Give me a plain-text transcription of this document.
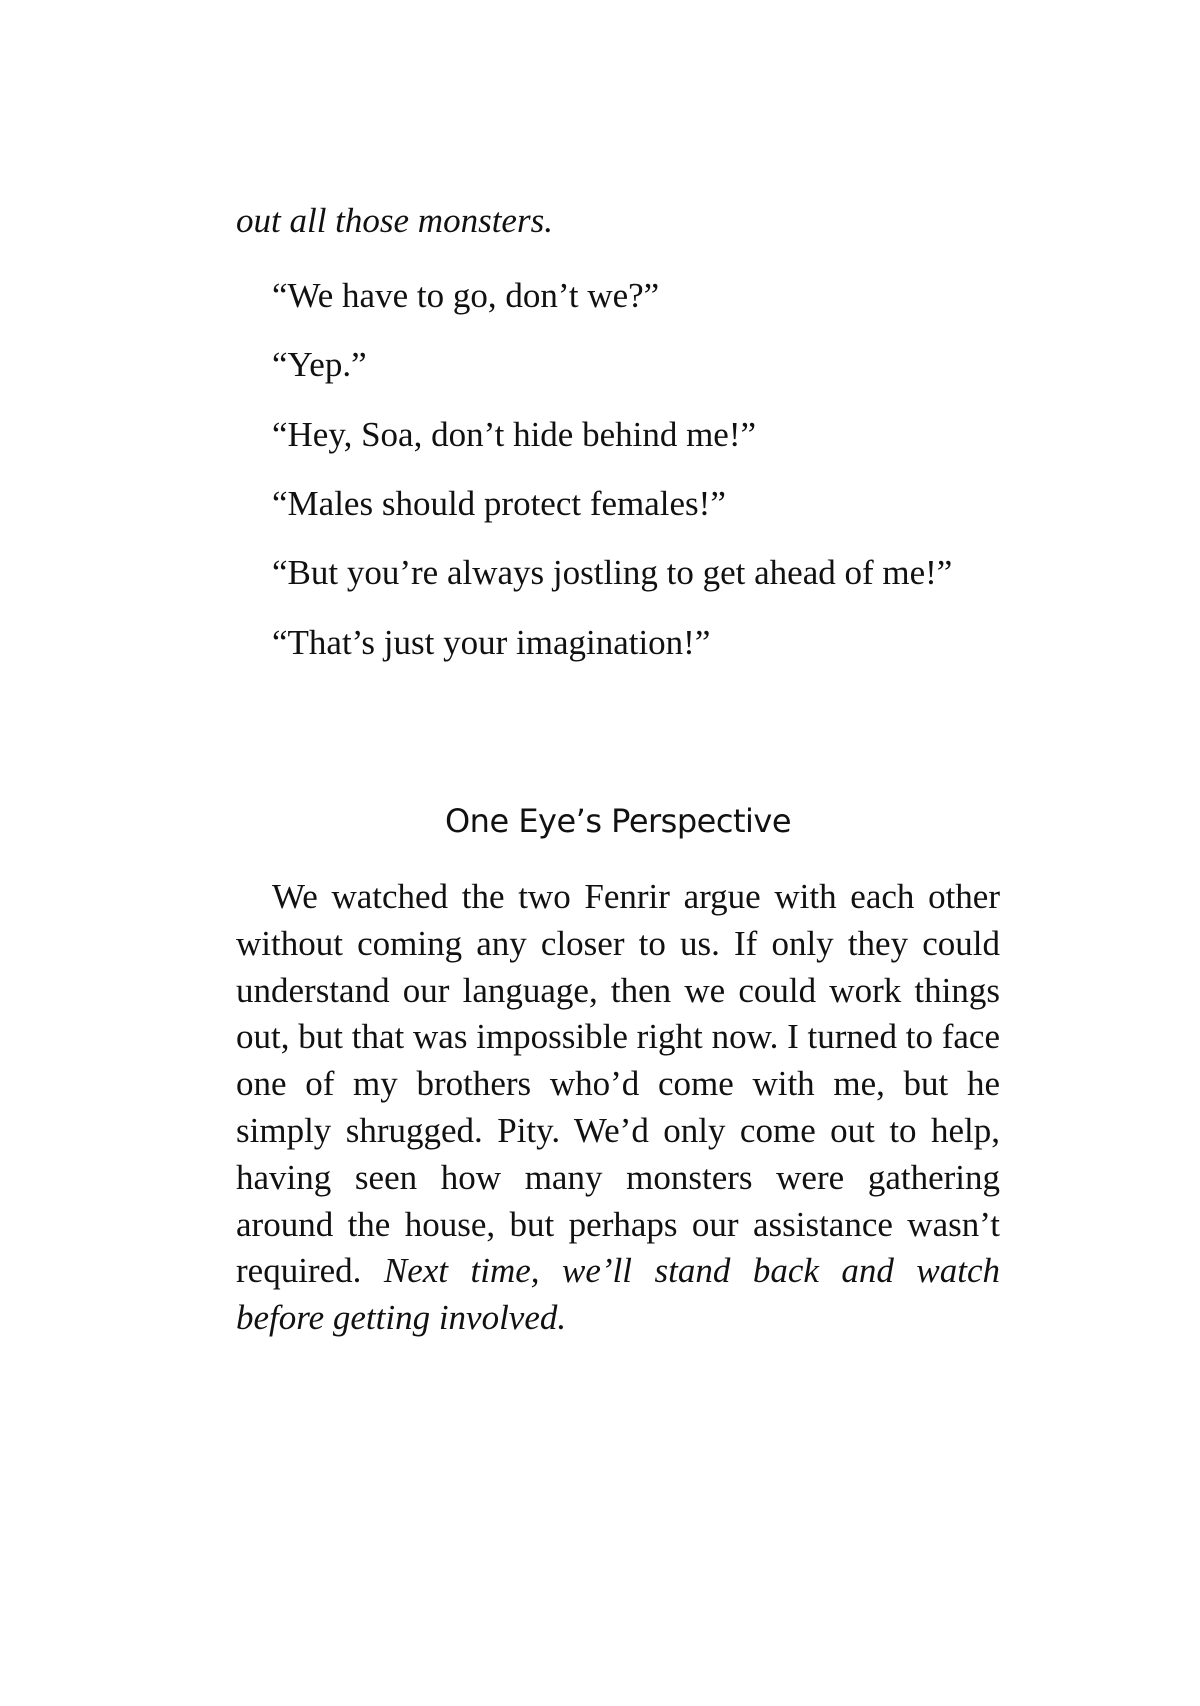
out all those monsters.
“We have to go, don’t we?”
“Yep.”
“Hey, Soa, don’t hide behind me!”
“Males should protect females!”
“But you’re always jostling to get ahead of me!”
“That’s just your imagination!”
One Eye’s Perspective

We watched the two Fenrir argue with each other without coming any closer to us. If only they could understand our language, then we could work things out, but that was impossible right now. I turned to face one of my brothers who’d come with me, but he simply shrugged. Pity. We’d only come out to help, having seen how many monsters were gathering around the house, but perhaps our assistance wasn’t required. Next time, we’ll stand back and watch before getting involved.
